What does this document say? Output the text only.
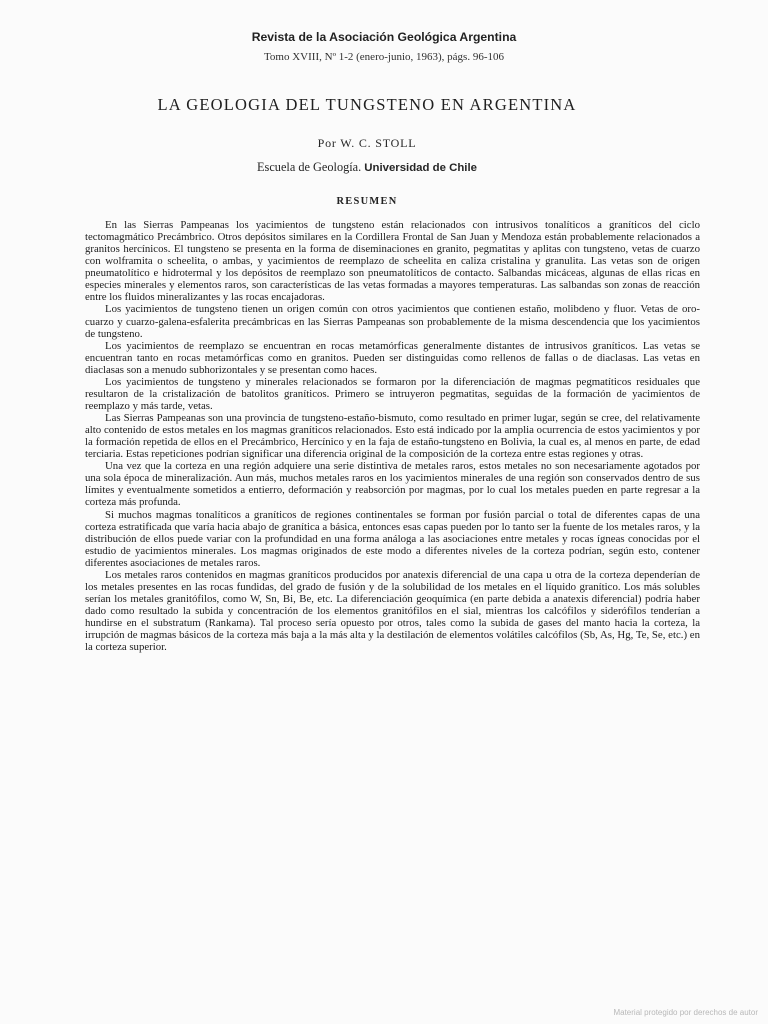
Revista de la Asociación Geológica Argentina
Tomo XVIII, Nº 1-2 (enero-junio, 1963), págs. 96-106
LA GEOLOGIA DEL TUNGSTENO EN ARGENTINA
Por W. C. STOLL
Escuela de Geología. Universidad de Chile
RESUMEN

En las Sierras Pampeanas los yacimientos de tungsteno están relacionados con intrusivos tonalíticos a graníticos del ciclo tectomagmático Precámbrico. Otros depósitos similares en la Cordillera Frontal de San Juan y Mendoza están probablemente relacionados a granitos hercínicos. El tungsteno se presenta en la forma de diseminaciones en granito, pegmatitas y aplitas con tungsteno, vetas de cuarzo con wolframita o scheelita, o ambas, y yacimientos de reemplazo de scheelita en caliza cristalina y granulita. Las vetas son de origen pneumatolítico e hidrotermal y los depósitos de reemplazo son pneumatolíticos de contacto. Salbandas micáceas, algunas de ellas ricas en especies minerales y elementos raros, son características de las vetas formadas a mayores temperaturas. Las salbandas son zonas de reacción entre los fluidos mineralizantes y las rocas encajadoras.

Los yacimientos de tungsteno tienen un origen común con otros yacimientos que contienen estaño, molibdeno y fluor. Vetas de oro-cuarzo y cuarzo-galena-esfalerita precámbricas en las Sierras Pampeanas son probablemente de la misma descendencia que los yacimientos de tungsteno.

Los yacimientos de reemplazo se encuentran en rocas metamórficas generalmente distantes de intrusivos graníticos. Las vetas se encuentran tanto en rocas metamórficas como en granitos. Pueden ser distinguidas como rellenos de fallas o de diaclasas. Las vetas en diaclasas son a menudo subhorizontales y se presentan como haces.

Los yacimientos de tungsteno y minerales relacionados se formaron por la diferenciación de magmas pegmatíticos residuales que resultaron de la cristalización de batolitos graníticos. Primero se intruyeron pegmatitas, seguidas de la formación de yacimientos de reemplazo y más tarde, vetas.

Las Sierras Pampeanas son una provincia de tungsteno-estaño-bismuto, como resultado en primer lugar, según se cree, del relativamente alto contenido de estos metales en los magmas graníticos relacionados. Esto está indicado por la amplia ocurrencia de estos yacimientos y por la formación repetida de ellos en el Precámbrico, Hercínico y en la faja de estaño-tungsteno en Bolivia, la cual es, al menos en parte, de edad terciaria. Estas repeticiones podrían significar una diferencia original de la composición de la corteza entre estas regiones y otras.

Una vez que la corteza en una región adquiere una serie distintiva de metales raros, estos metales no son necesariamente agotados por una sola época de mineralización. Aun más, muchos metales raros en los yacimientos minerales de una región son conservados dentro de sus límites y eventualmente sometidos a entierro, deformación y reabsorción por magmas, por lo cual los metales pueden en parte regresar a la corteza más profunda.

Si muchos magmas tonalíticos a graníticos de regiones continentales se forman por fusión parcial o total de diferentes capas de una corteza estratificada que varía hacia abajo de granítica a básica, entonces esas capas pueden por lo tanto ser la fuente de los metales raros, y la distribución de ellos puede variar con la profundidad en una forma análoga a las asociaciones entre metales y rocas ígneas conocidas por el estudio de yacimientos minerales. Los magmas originados de este modo a diferentes niveles de la corteza podrían, según esto, contener diferentes asociaciones de metales raros.

Los metales raros contenidos en magmas graníticos producidos por anatexis diferencial de una capa u otra de la corteza dependerían de los metales presentes en las rocas fundidas, del grado de fusión y de la solubilidad de los metales en el líquido granítico. Los más solubles serían los metales granitófilos, como W, Sn, Bi, Be, etc. La diferenciación geoquímica (en parte debida a anatexis diferencial) podría haber dado como resultado la subida y concentración de los elementos granitófilos en el sial, mientras los calcófilos y siderófilos tenderían a hundirse en el substratum (Rankama). Tal proceso sería opuesto por otros, tales como la subida de gases del manto hacia la corteza, la irrupción de magmas básicos de la corteza más baja a la más alta y la destilación de elementos volátiles calcófilos (Sb, As, Hg, Te, Se, etc.) en la corteza superior.

Material protegido por derechos de autor
